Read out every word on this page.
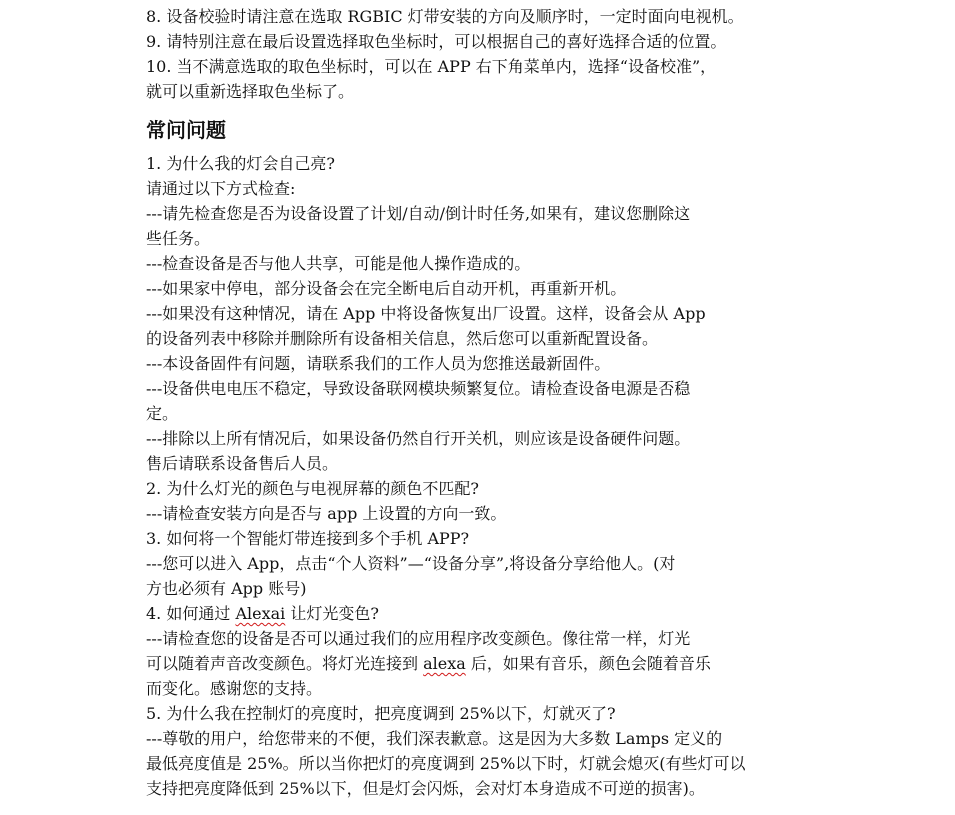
8. 设备校验时请注意在选取 RGBIC 灯带安装的方向及顺序时，一定时面向电视机。
9. 请特别注意在最后设置选择取色坐标时，可以根据自己的喜好选择合适的位置。
10. 当不满意选取的取色坐标时，可以在 APP 右下角菜单内，选择“设备校准”，
就可以重新选择取色坐标了。
常问问题
1. 为什么我的灯会自己亮?
请通过以下方式检查:
---请先检查您是否为设备设置了计划/自动/倒计时任务,如果有，建议您删除这
些任务。
---检查设备是否与他人共享，可能是他人操作造成的。
---如果家中停电，部分设备会在完全断电后自动开机，再重新开机。
---如果没有这种情况，请在 App 中将设备恢复出厂设置。这样，设备会从 App
的设备列表中移除并删除所有设备相关信息，然后您可以重新配置设备。
---本设备固件有问题，请联系我们的工作人员为您推送最新固件。
---设备供电电压不稳定，导致设备联网模块频繁复位。请检查设备电源是否稳
定。
---排除以上所有情况后，如果设备仍然自行开关机，则应该是设备硬件问题。
售后请联系设备售后人员。
2. 为什么灯光的颜色与电视屏幕的颜色不匹配?
---请检查安装方向是否与 app 上设置的方向一致。
3. 如何将一个智能灯带连接到多个手机 APP?
---您可以进入 App，点击“个人资料”—“设备分享”,将设备分享给他人。(对
方也必须有 App 账号)
4. 如何通过 Alexai 让灯光变色?
---请检查您的设备是否可以通过我们的应用程序改变颜色。像往常一样，灯光
可以随着声音改变颜色。将灯光连接到 alexa 后，如果有音乐，颜色会随着音乐
而变化。感谢您的支持。
5. 为什么我在控制灯的亮度时，把亮度调到 25%以下，灯就灭了?
---尊敬的用户，给您带来的不便，我们深表歉意。这是因为大多数 Lamps 定义的
最低亮度值是 25%。所以当你把灯的亮度调到 25%以下时，灯就会熄灭(有些灯可以
支持把亮度降低到 25%以下，但是灯会闪烁，会对灯本身造成不可逆的损害)。
